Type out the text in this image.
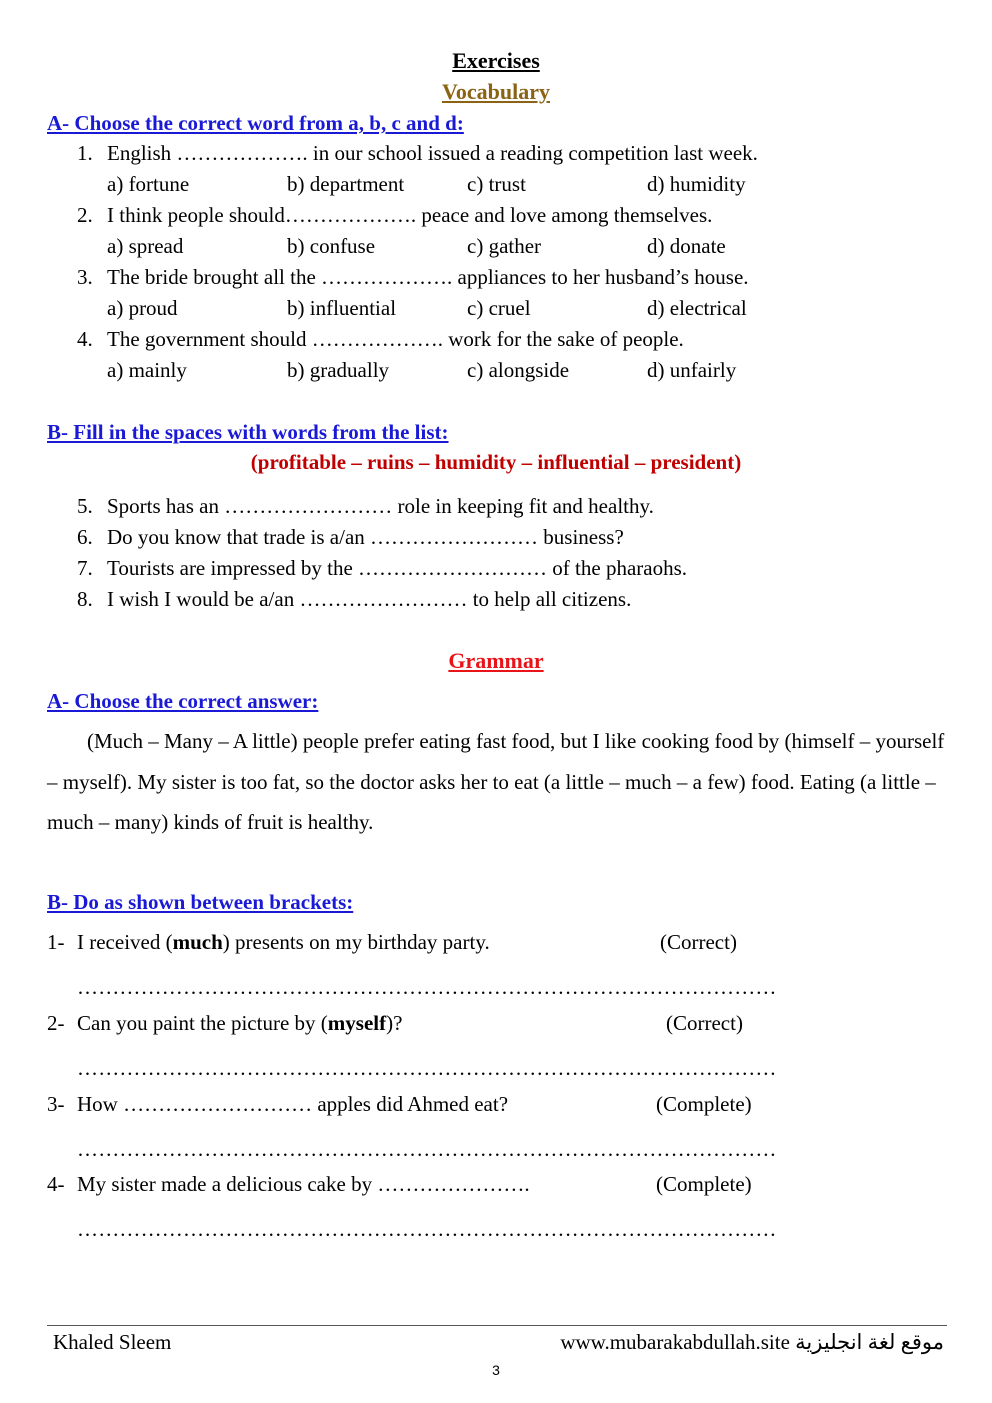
Exercises
Vocabulary
A- Choose the correct word from a, b, c and d:
1. English ………………. in our school issued a reading competition last week.
a) fortune	b) department	c) trust	d) humidity
2. I think people should………………. peace and love among themselves.
a) spread	b) confuse	c) gather	d) donate
3. The bride brought all the ………………. appliances to her husband’s house.
a) proud	b) influential	c) cruel	d) electrical
4. The government should ………………. work for the sake of people.
a) mainly	b) gradually	c) alongside	d) unfairly
B- Fill in the spaces with words from the list:
(profitable – ruins – humidity – influential – president)
5. Sports has an …………………… role in keeping fit and healthy.
6. Do you know that trade is a/an …………………… business?
7. Tourists are impressed by the ……………………… of the pharaohs.
8. I wish I would be a/an …………………… to help all citizens.
Grammar
A- Choose the correct answer:
(Much – Many – A little) people prefer eating fast food, but I like cooking food by (himself – yourself – myself). My sister is too fat, so the doctor asks her to eat (a little – much – a few) food. Eating (a little – much – many) kinds of fruit is healthy.
B- Do as shown between brackets:
1- I received (much) presents on my birthday party.	(Correct)
………………………………………………………………………………………
2- Can you paint the picture by (myself)?	(Correct)
………………………………………………………………………………………
3- How ……………………… apples did Ahmed eat?	(Complete)
………………………………………………………………………………………
4- My sister made a delicious cake by ………………….	(Complete)
………………………………………………………………………………………
Khaled Sleem	www.mubarakabdullah.site موقع لغة انجليزية
3
